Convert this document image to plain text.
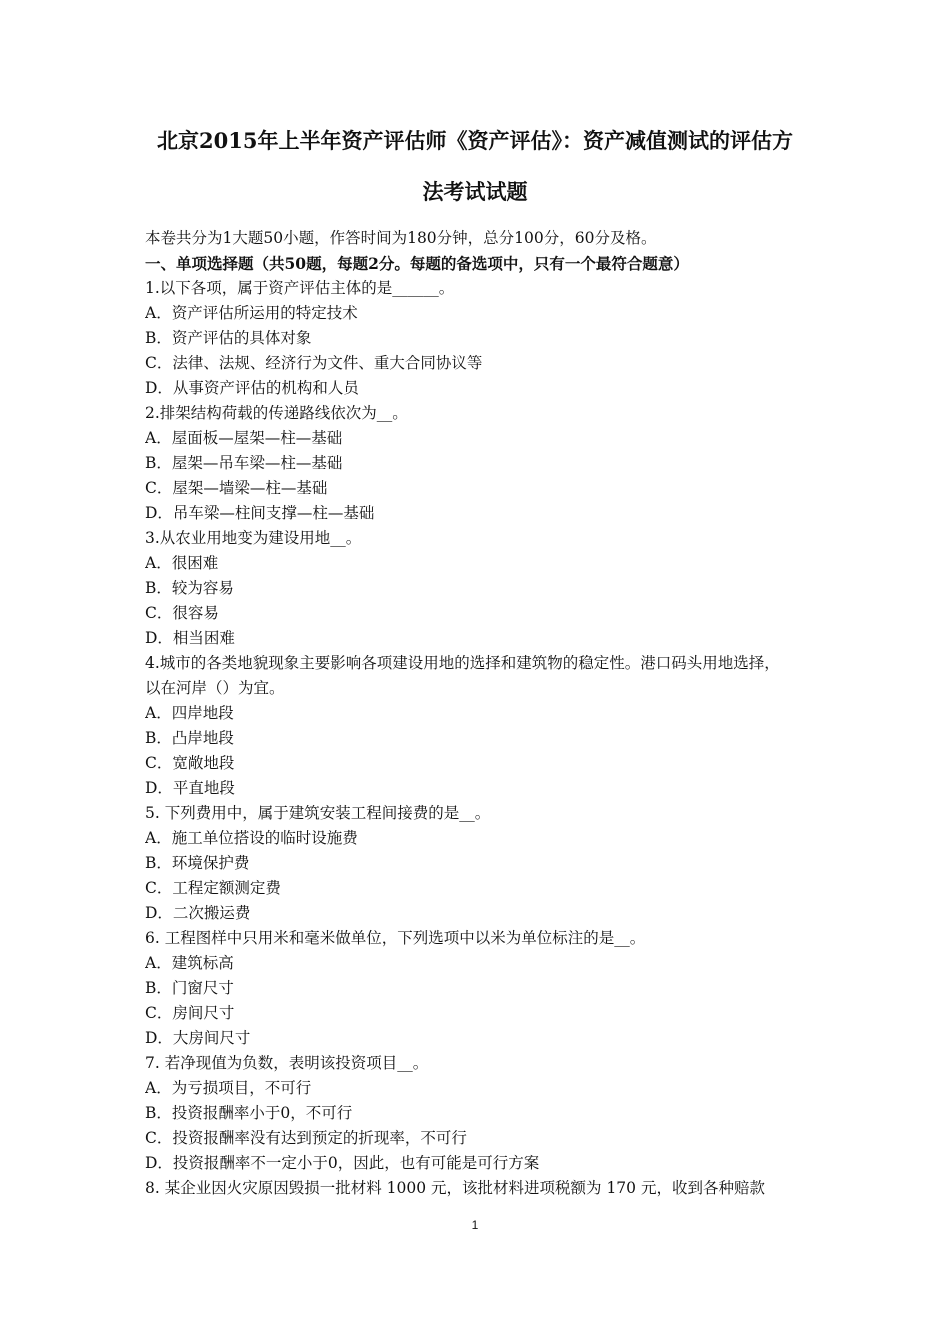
北京2015年上半年资产评估师《资产评估》：资产减值测试的评估方
法考试试题
本卷共分为1大题50小题，作答时间为180分钟，总分100分，60分及格。
一、单项选择题（共50题，每题2分。每题的备选项中，只有一个最符合题意）
1.以下各项，属于资产评估主体的是______。
A．资产评估所运用的特定技术
B．资产评估的具体对象
C．法律、法规、经济行为文件、重大合同协议等
D．从事资产评估的机构和人员
2.排架结构荷载的传递路线依次为__。
A．屋面板—屋架—柱—基础
B．屋架—吊车梁—柱—基础
C．屋架—墙梁—柱—基础
D．吊车梁—柱间支撑—柱—基础
3.从农业用地变为建设用地__。
A．很困难
B．较为容易
C．很容易
D．相当困难
4.城市的各类地貌现象主要影响各项建设用地的选择和建筑物的稳定性。港口码头用地选择，
以在河岸（）为宜。
A．四岸地段
B．凸岸地段
C．宽敞地段
D．平直地段
5. 下列费用中，属于建筑安装工程间接费的是__。
A．施工单位搭设的临时设施费
B．环境保护费
C．工程定额测定费
D．二次搬运费
6. 工程图样中只用米和毫米做单位，下列选项中以米为单位标注的是__。
A．建筑标高
B．门窗尺寸
C．房间尺寸
D．大房间尺寸
7. 若净现值为负数，表明该投资项目__。
A．为亏损项目，不可行
B．投资报酬率小于0，不可行
C．投资报酬率没有达到预定的折现率，不可行
D．投资报酬率不一定小于0，因此，也有可能是可行方案
8. 某企业因火灾原因毁损一批材料 1000 元，该批材料进项税额为 170 元，收到各种赔款
1
